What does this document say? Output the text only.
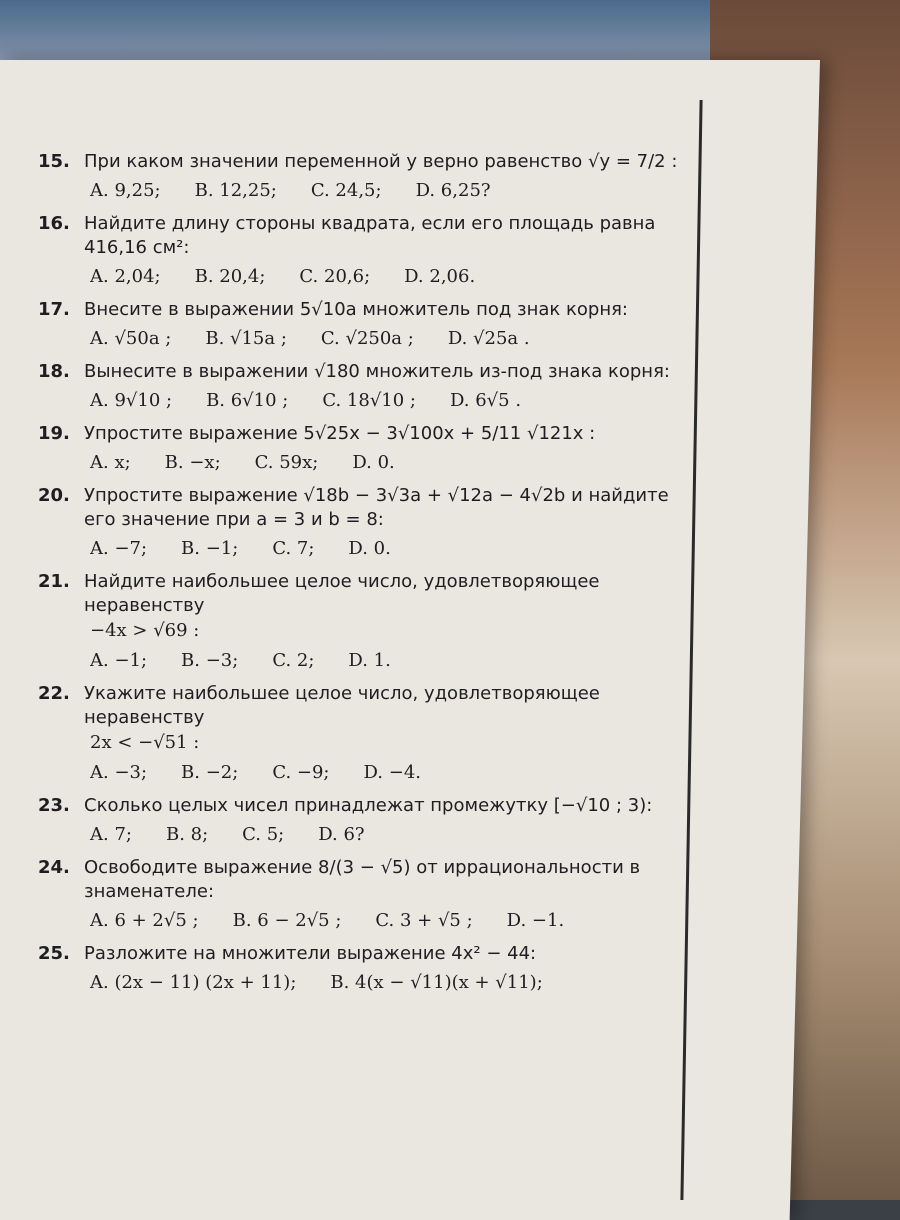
15. При каком значении переменной y верно равенство √y = 7/2 :
A. 9,25; B. 12,25; C. 24,5; D. 6,25?
16. Найдите длину стороны квадрата, если его площадь равна 416,16 см²:
A. 2,04; B. 20,4; C. 20,6; D. 2,06.
17. Внесите в выражении 5√10a множитель под знак корня:
A. √50a ; B. √15a ; C. √250a ; D. √25a .
18. Вынесите в выражении √180 множитель из-под знака корня:
A. 9√10 ; B. 6√10 ; C. 18√10 ; D. 6√5 .
19. Упростите выражение 5√25x − 3√100x + 5/11 √121x :
A. x; B. −x; C. 59x; D. 0.
20. Упростите выражение √18b − 3√3a + √12a − 4√2b и найдите его значение при a = 3 и b = 8:
A. −7; B. −1; C. 7; D. 0.
21. Найдите наибольшее целое число, удовлетворяющее неравенству
−4x > √69 :
A. −1; B. −3; C. 2; D. 1.
22. Укажите наибольшее целое число, удовлетворяющее неравенству
2x < −√51 :
A. −3; B. −2; C. −9; D. −4.
23. Сколько целых чисел принадлежат промежутку [−√10 ; 3):
A. 7; B. 8; C. 5; D. 6?
24. Освободите выражение 8/(3 − √5) от иррациональности в знаменателе:
A. 6 + 2√5 ; B. 6 − 2√5 ; C. 3 + √5 ; D. −1.
25. Разложите на множители выражение 4x² − 44:
A. (2x − 11) (2x + 11); B. 4(x − √11)(x + √11);
